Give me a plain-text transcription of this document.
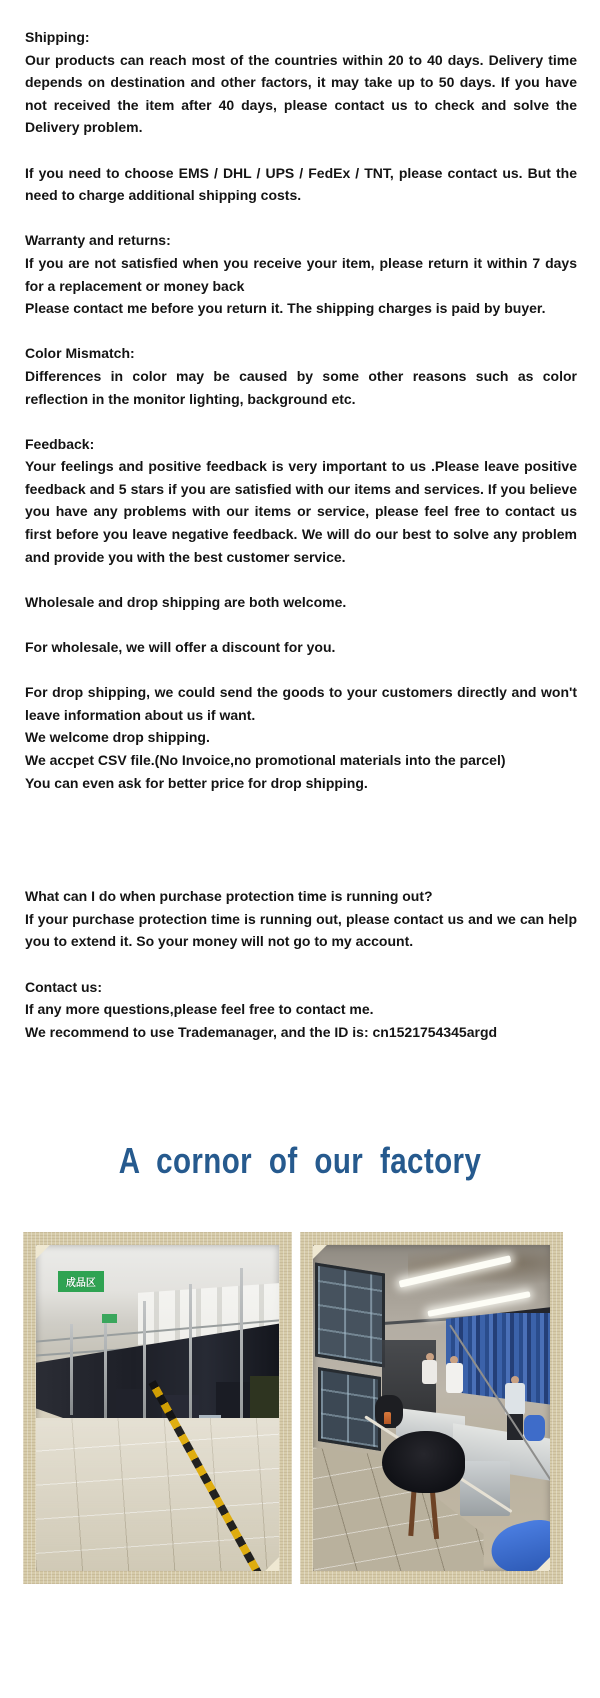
Shipping:

Our products can reach most of the countries within 20 to 40 days. Delivery time depends on destination and other factors, it may take up to 50 days. If you have not received the item after 40 days, please contact us to check and solve the Delivery problem.

If you need to choose EMS / DHL / UPS / FedEx / TNT, please contact us. But the need to charge additional shipping costs.

Warranty and returns:

If you are not satisfied when you receive your item, please return it within 7 days for a replacement or money back

Please contact me before you return it. The shipping charges is paid by buyer.

Color Mismatch:

Differences in color may be caused by some other reasons such as color reflection in the monitor lighting, background etc.

Feedback:

Your feelings and positive feedback is very important to us .Please leave positive feedback and 5 stars if you are satisfied with our items and services. If you believe you have any problems with our items or service, please feel free to contact us first before you leave negative feedback. We will do our best to solve any problem and provide you with the best customer service.

Wholesale and drop shipping are both welcome.

For wholesale, we will offer a discount for you.

For drop shipping, we could send the goods to your customers directly and won't leave information about us if want.

We welcome drop shipping.

We accpet CSV file.(No Invoice,no promotional materials into the parcel)

You can even ask for better price for drop shipping.

What can I do when purchase protection time is running out?

If your purchase protection time is running out, please contact us and we can help you to extend it. So your money will not go to my account.

Contact us:

If any more questions,please feel free to contact me.

We recommend to use Trademanager, and the ID is: cn1521754345argd

A cornor of our factory
成品区
